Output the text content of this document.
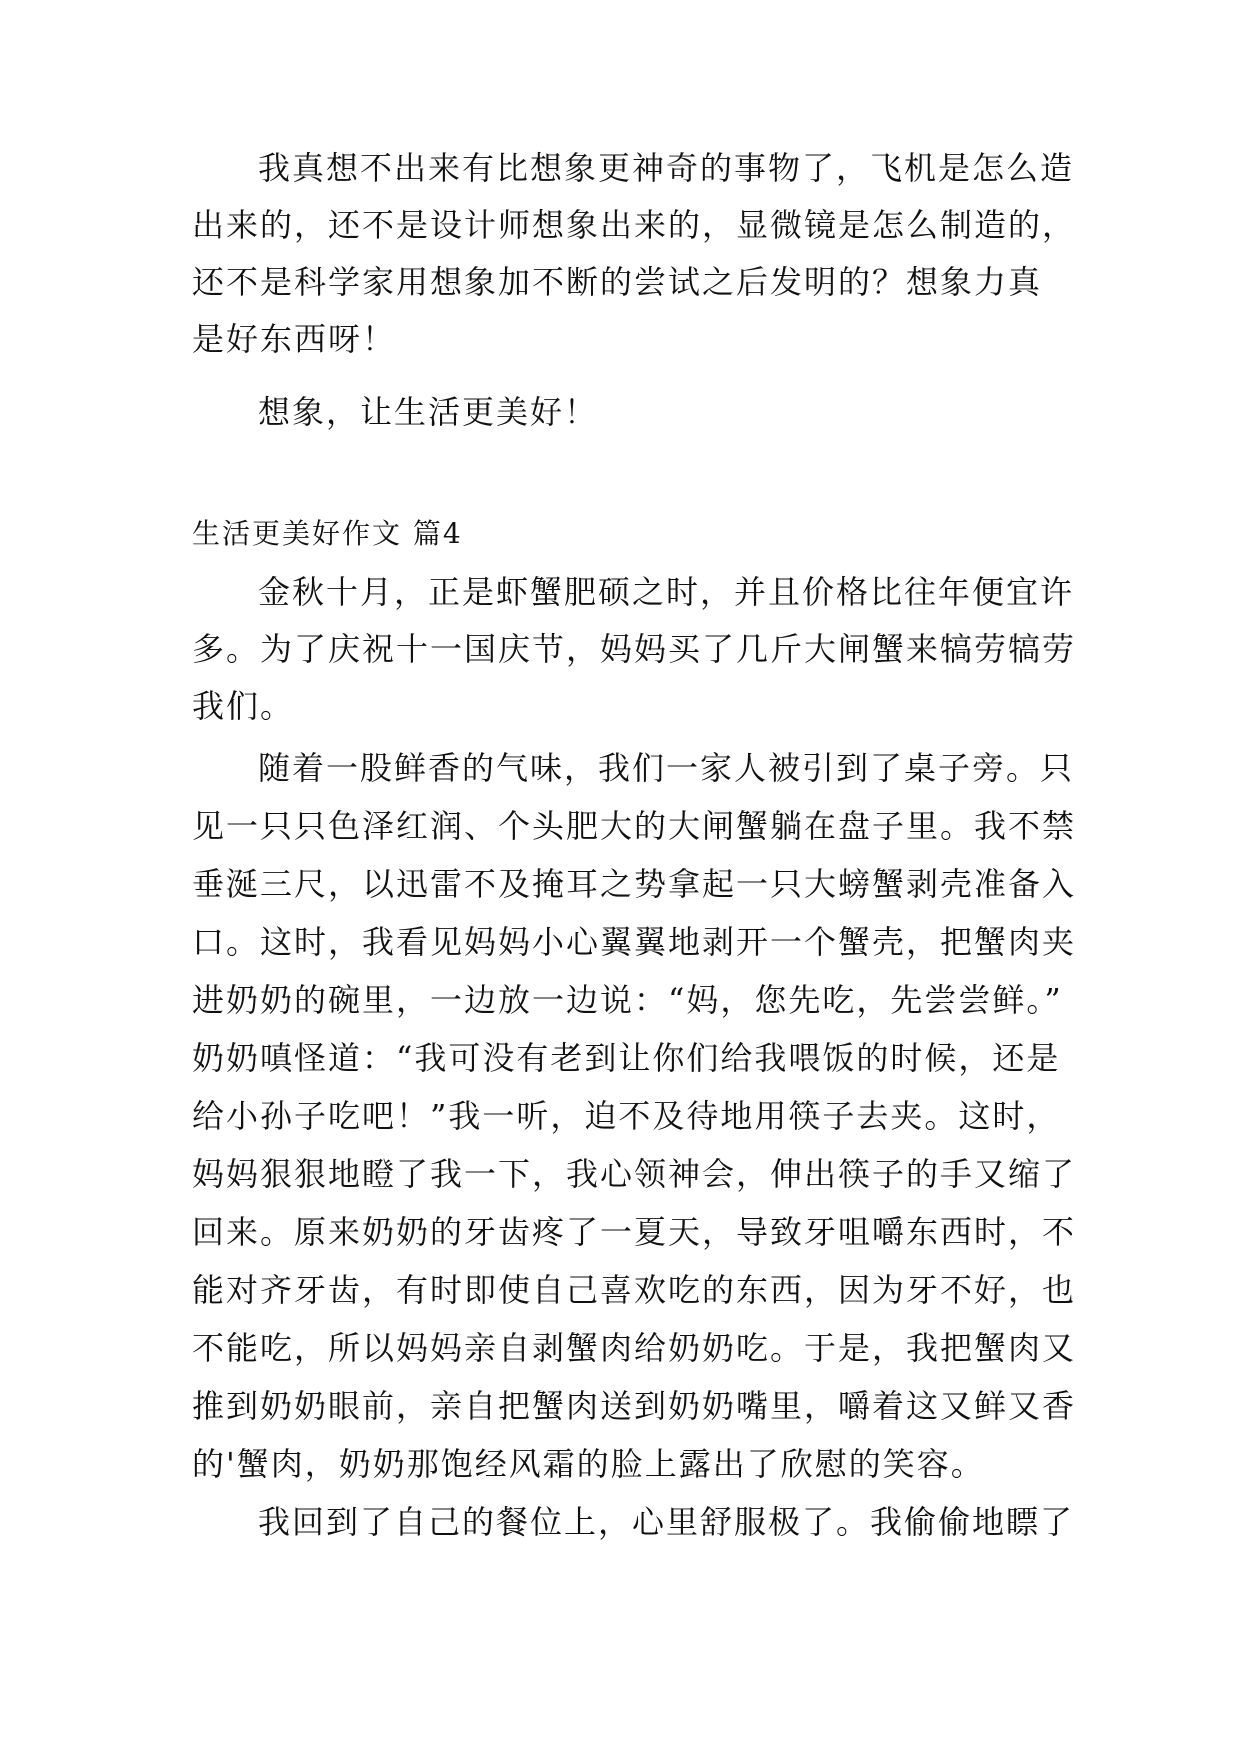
我真想不出来有比想象更神奇的事物了，飞机是怎么造
出来的，还不是设计师想象出来的，显微镜是怎么制造的，
还不是科学家用想象加不断的尝试之后发明的？想象力真
是好东西呀！
想象，让生活更美好！
生活更美好作文 篇4
金秋十月，正是虾蟹肥硕之时，并且价格比往年便宜许
多。为了庆祝十一国庆节，妈妈买了几斤大闸蟹来犒劳犒劳
我们。
随着一股鲜香的气味，我们一家人被引到了桌子旁。只
见一只只色泽红润、个头肥大的大闸蟹躺在盘子里。我不禁
垂涎三尺，以迅雷不及掩耳之势拿起一只大螃蟹剥壳准备入
口。这时，我看见妈妈小心翼翼地剥开一个蟹壳，把蟹肉夹
进奶奶的碗里，一边放一边说：“妈，您先吃，先尝尝鲜。”
奶奶嗔怪道：“我可没有老到让你们给我喂饭的时候，还是
给小孙子吃吧！”我一听，迫不及待地用筷子去夹。这时，
妈妈狠狠地瞪了我一下，我心领神会，伸出筷子的手又缩了
回来。原来奶奶的牙齿疼了一夏天，导致牙咀嚼东西时，不
能对齐牙齿，有时即使自己喜欢吃的东西，因为牙不好，也
不能吃，所以妈妈亲自剥蟹肉给奶奶吃。于是，我把蟹肉又
推到奶奶眼前，亲自把蟹肉送到奶奶嘴里，嚼着这又鲜又香
的'蟹肉，奶奶那饱经风霜的脸上露出了欣慰的笑容。
我回到了自己的餐位上，心里舒服极了。我偷偷地瞟了
